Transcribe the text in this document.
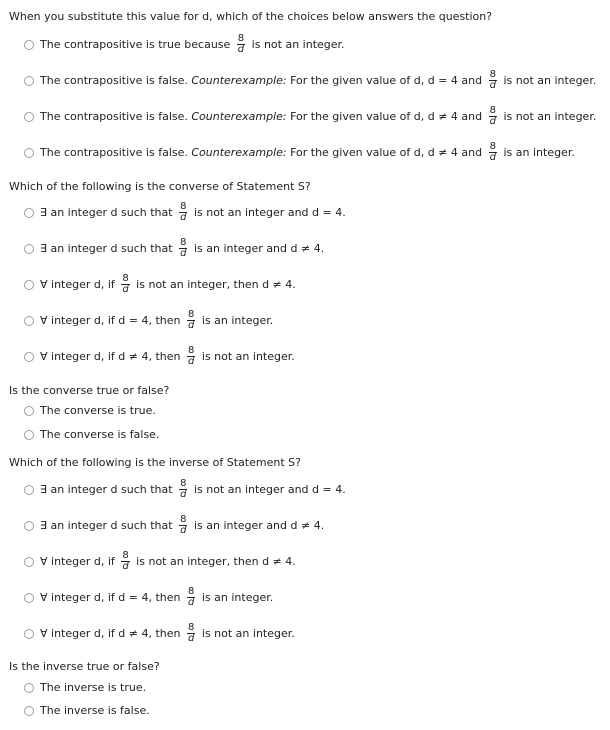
When you substitute this value for d, which of the choices below answers the question?
The contrapositive is true because $\frac{8}{d}$ is not an integer.
The contrapositive is false. Counterexample: For the given value of d, d = 4 and $\frac{8}{d}$ is not an integer.
The contrapositive is false. Counterexample: For the given value of d, d ≠ 4 and $\frac{8}{d}$ is not an integer.
The contrapositive is false. Counterexample: For the given value of d, d ≠ 4 and $\frac{8}{d}$ is an integer.
Which of the following is the converse of Statement S?
∃ an integer d such that $\frac{8}{d}$ is not an integer and d = 4.
∃ an integer d such that $\frac{8}{d}$ is an integer and d ≠ 4.
∀ integer d, if $\frac{8}{d}$ is not an integer, then d ≠ 4.
∀ integer d, if d = 4, then $\frac{8}{d}$ is an integer.
∀ integer d, if d ≠ 4, then $\frac{8}{d}$ is not an integer.
Is the converse true or false?
The converse is true.
The converse is false.
Which of the following is the inverse of Statement S?
∃ an integer d such that $\frac{8}{d}$ is not an integer and d = 4.
∃ an integer d such that $\frac{8}{d}$ is an integer and d ≠ 4.
∀ integer d, if $\frac{8}{d}$ is not an integer, then d ≠ 4.
∀ integer d, if d = 4, then $\frac{8}{d}$ is an integer.
∀ integer d, if d ≠ 4, then $\frac{8}{d}$ is not an integer.
Is the inverse true or false?
The inverse is true.
The inverse is false.
